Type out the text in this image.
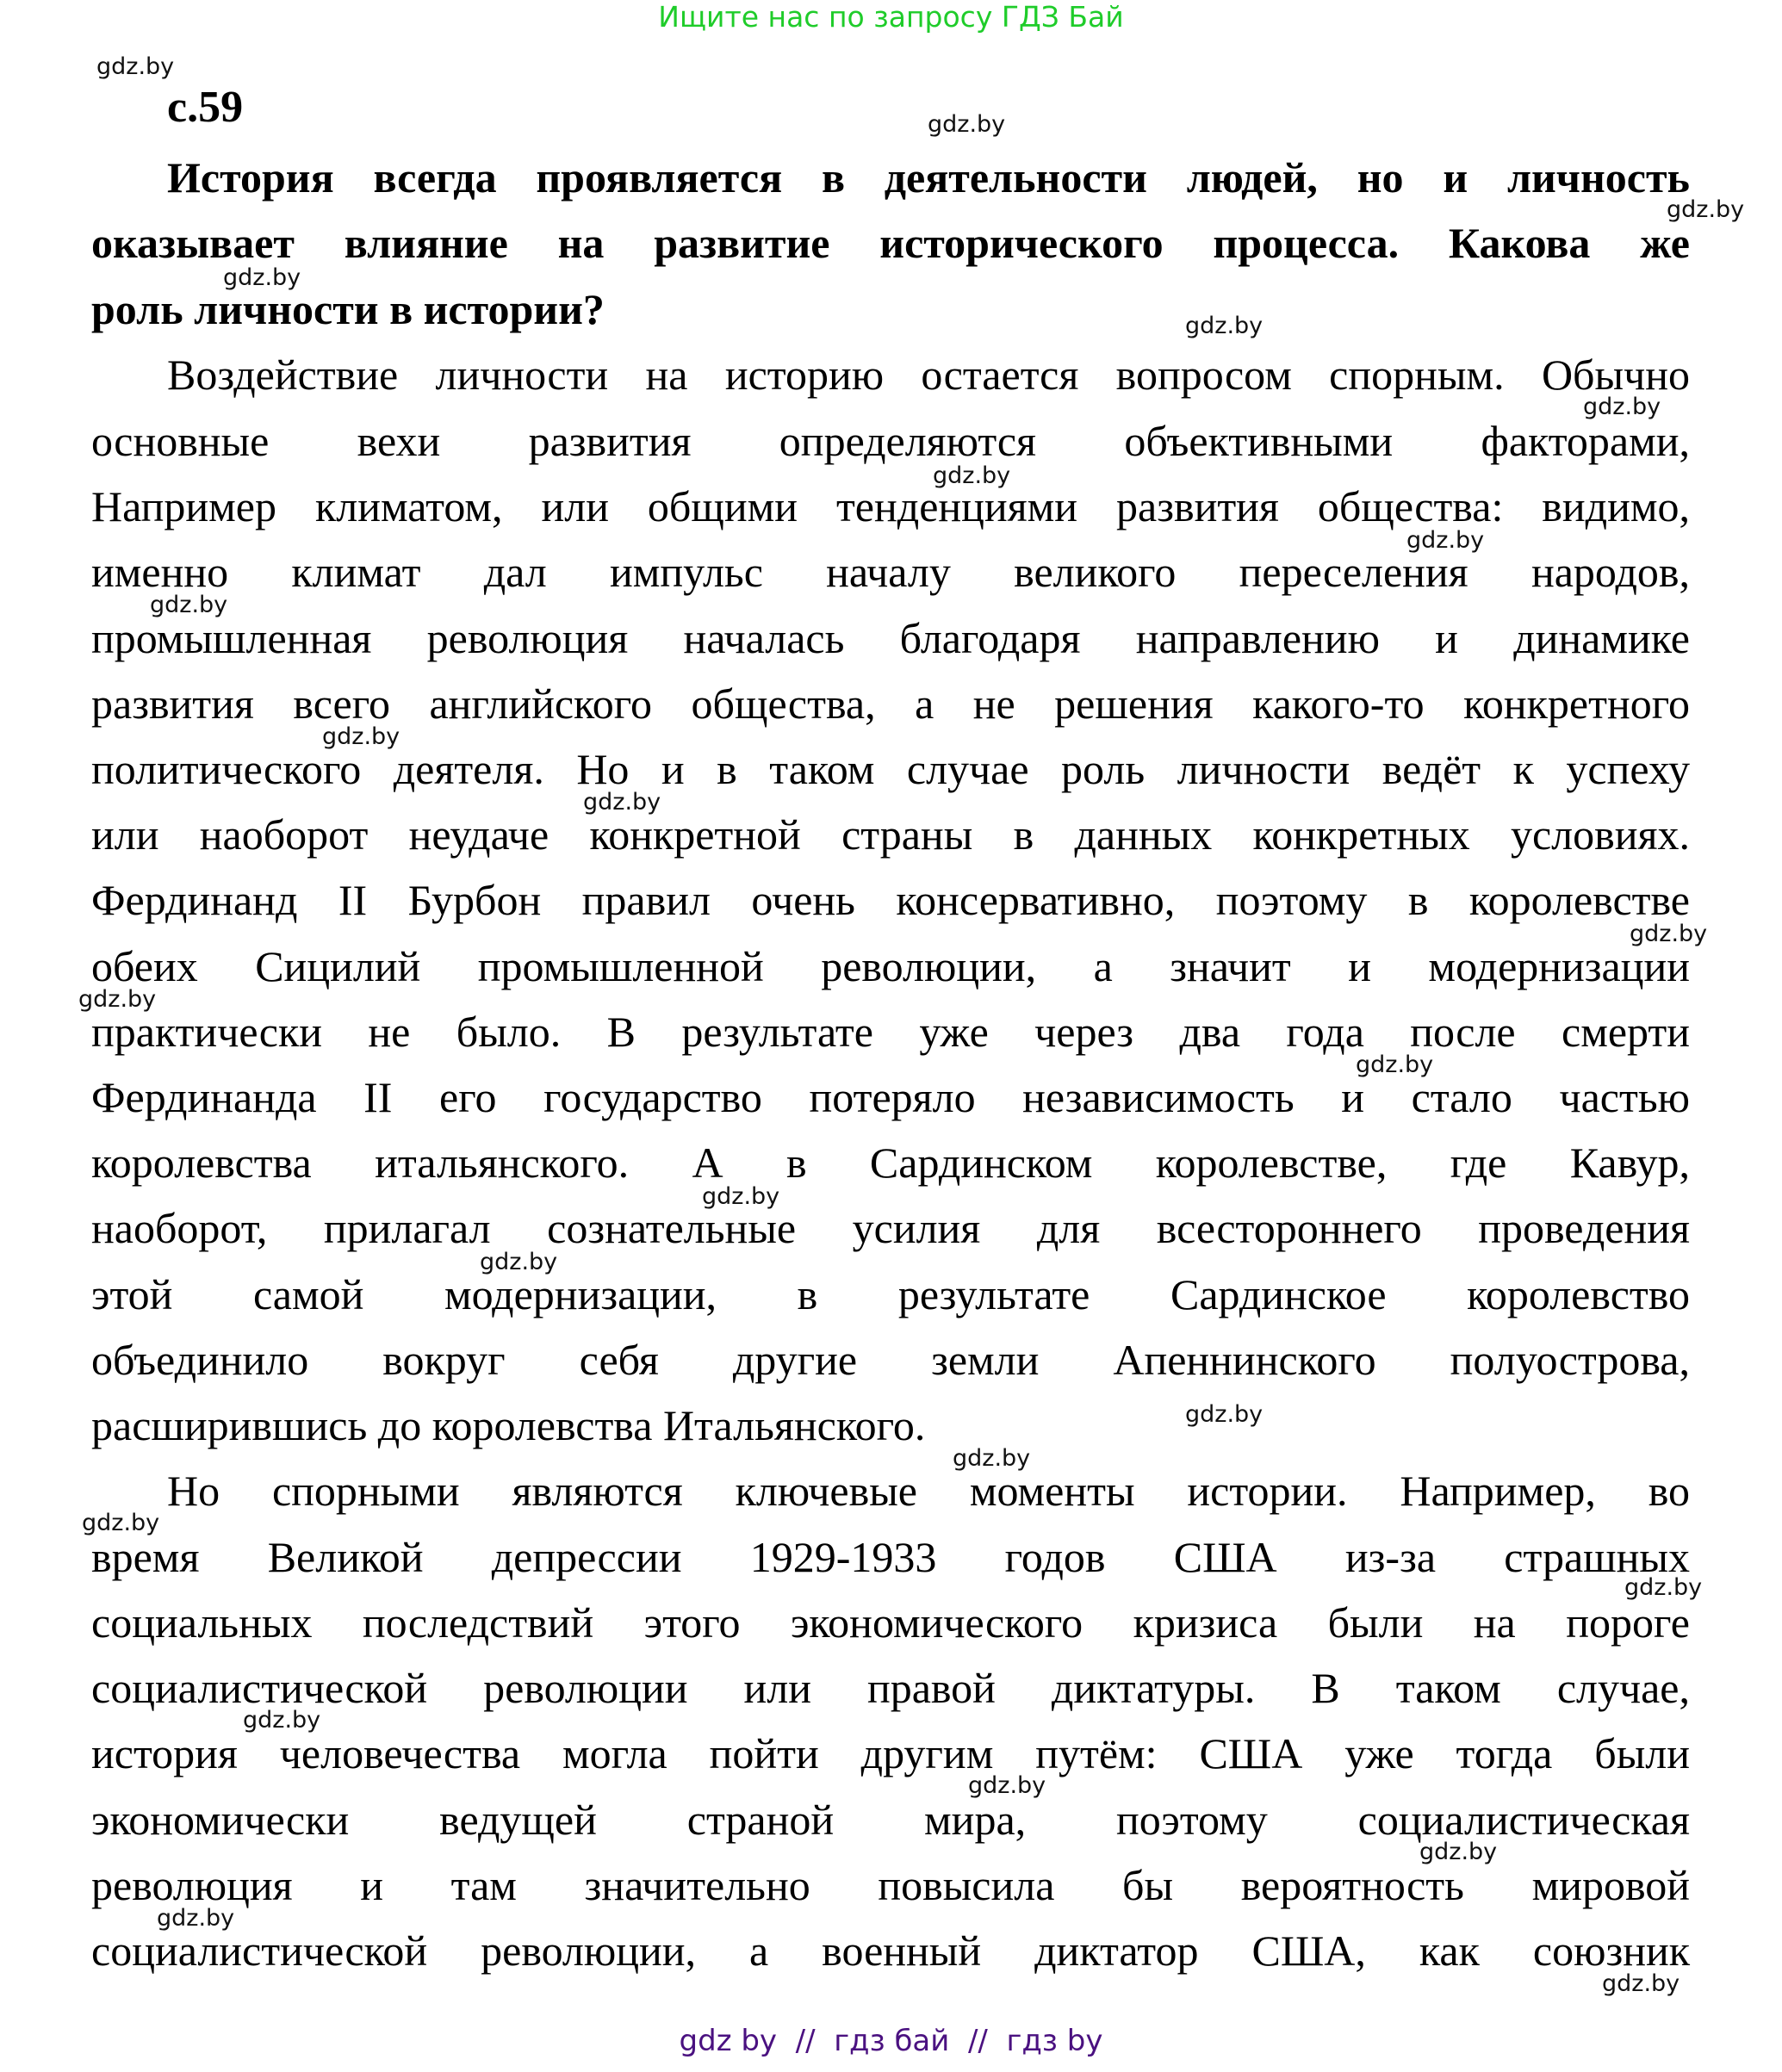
Ищите нас по запросу ГДЗ Бай
с.59
История всегда проявляется в деятельности людей, но и личность
оказывает влияние на развитие исторического процесса. Какова же
роль личности в истории?
Воздействие личности на историю остается вопросом спорным. Обычно
основные вехи развития определяются объективными факторами,
Например климатом, или общими тенденциями развития общества: видимо,
именно климат дал импульс началу великого переселения народов,
промышленная революция началась благодаря направлению и динамике
развития всего английского общества, а не решения какого-то конкретного
политического деятеля. Но и в таком случае роль личности ведёт к успеху
или наоборот неудаче конкретной страны в данных конкретных условиях.
Фердинанд II Бурбон правил очень консервативно, поэтому в королевстве
обеих Сицилий промышленной революции, а значит и модернизации
практически не было. В результате уже через два года после смерти
Фердинанда II его государство потеряло независимость и стало частью
королевства итальянского. А в Сардинском королевстве, где Кавур,
наоборот, прилагал сознательные усилия для всестороннего проведения
этой самой модернизации, в результате Сардинское королевство
объединило вокруг себя другие земли Апеннинского полуострова,
расширившись до королевства Итальянского.
Но спорными являются ключевые моменты истории. Например, во
время Великой депрессии 1929-1933 годов США из-за страшных
социальных последствий этого экономического кризиса были на пороге
социалистической революции или правой диктатуры. В таком случае,
история человечества могла пойти другим путём: США уже тогда были
экономически ведущей страной мира, поэтому социалистическая
революция и там значительно повысила бы вероятность мировой
социалистической революции, а военный диктатор США, как союзник
gdz.by
gdz.by
gdz.by
gdz.by
gdz.by
gdz.by
gdz.by
gdz.by
gdz.by
gdz.by
gdz.by
gdz.by
gdz.by
gdz.by
gdz.by
gdz.by
gdz.by
gdz.by
gdz.by
gdz.by
gdz.by
gdz.by
gdz.by
gdz.by
gdz.by
gdz by  //  гдз бай  //  гдз by
